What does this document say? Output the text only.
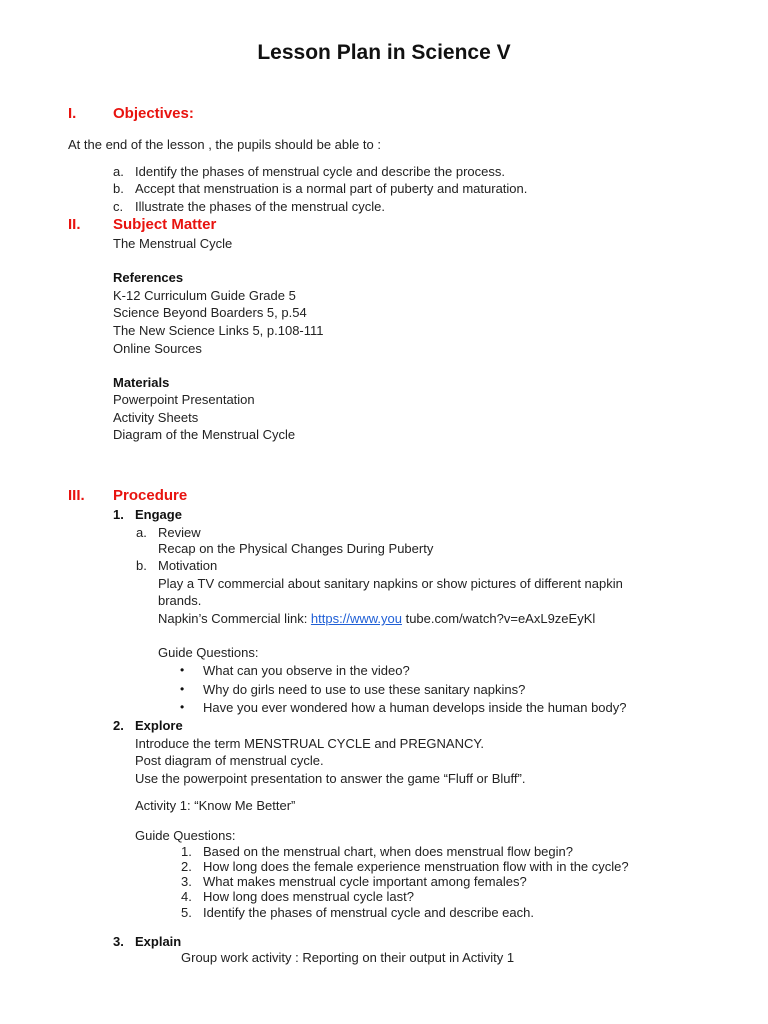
Lesson Plan in Science V
I. Objectives:
At the end of the lesson , the pupils should be able to :
a. Identify the phases of menstrual cycle and describe the process.
b. Accept that menstruation is a normal part of puberty and maturation.
c. Illustrate the phases of the menstrual cycle.
II. Subject Matter
The Menstrual Cycle
References
K-12 Curriculum Guide Grade 5
Science Beyond Boarders 5, p.54
The New Science Links 5, p.108-111
Online Sources
Materials
Powerpoint Presentation
Activity Sheets
Diagram of the Menstrual Cycle
III. Procedure
1. Engage
a. Review
Recap on the Physical Changes During Puberty
b. Motivation
Play a TV commercial about sanitary napkins or show pictures of different napkin
brands.
Napkin’s Commercial link: https://www.you tube.com/watch?v=eAxL9zeEyKl
Guide Questions:
• What can you observe in the video?
• Why do girls need to use to use these sanitary napkins?
• Have you ever wondered how a human develops inside the human body?
2. Explore
Introduce the term MENSTRUAL CYCLE and PREGNANCY.
Post diagram of menstrual cycle.
Use the powerpoint presentation to answer the game “Fluff or Bluff”.
Activity 1: “Know Me Better”
Guide Questions:
1. Based on the menstrual chart, when does menstrual flow begin?
2. How long does the female experience menstruation flow with in the cycle?
3. What makes menstrual cycle important among females?
4. How long does menstrual cycle last?
5. Identify the phases of menstrual cycle and describe each.
3. Explain
Group work activity : Reporting on their output in Activity 1
